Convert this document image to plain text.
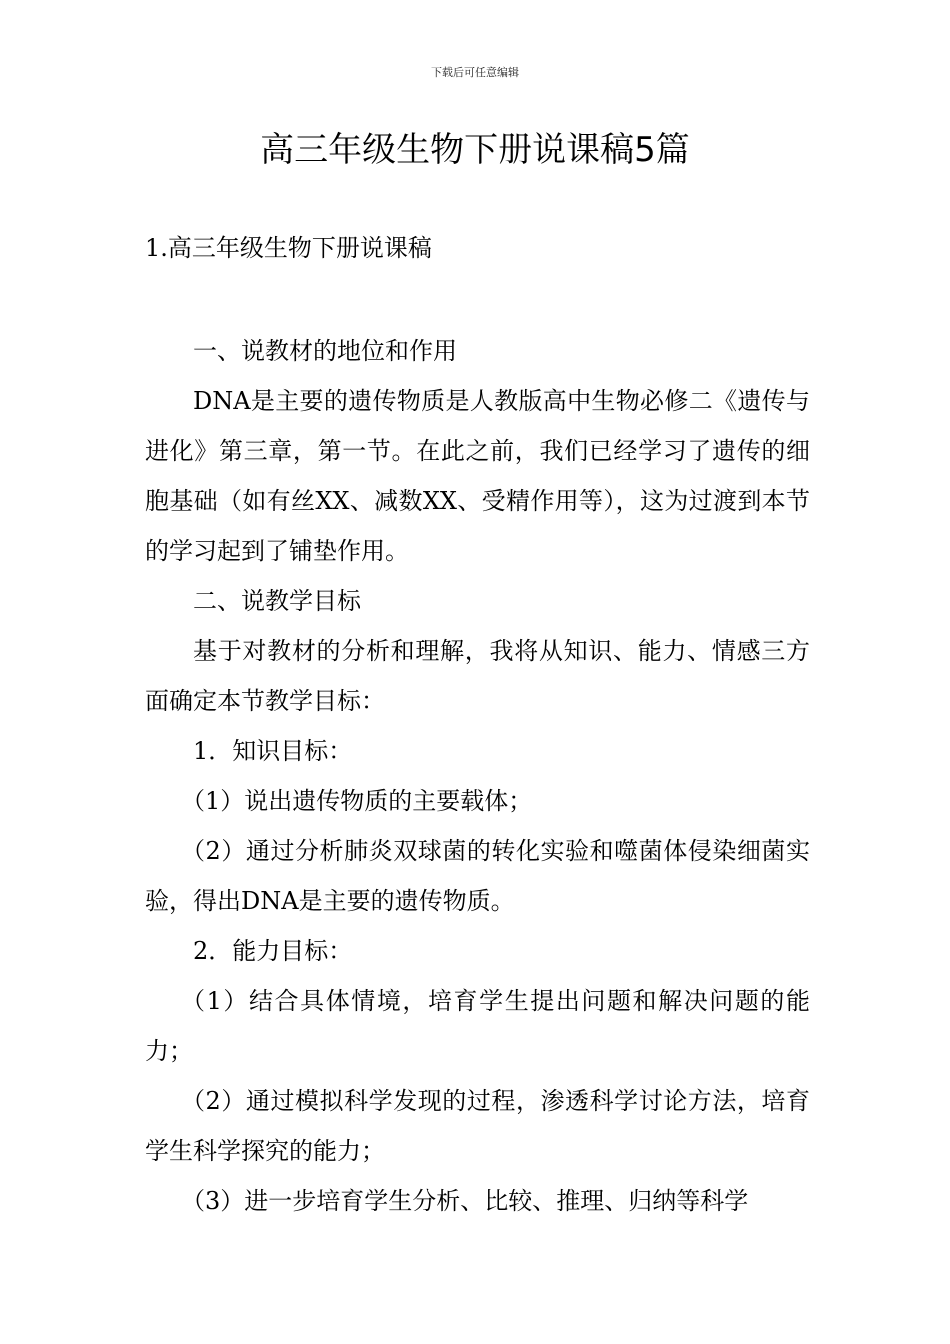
下载后可任意编辑
高三年级生物下册说课稿5篇
1.高三年级生物下册说课稿

一、说教材的地位和作用

DNA是主要的遗传物质是人教版高中生物必修二《遗传与进化》第三章，第一节。在此之前，我们已经学习了遗传的细胞基础（如有丝XX、减数XX、受精作用等），这为过渡到本节的学习起到了铺垫作用。

二、说教学目标

基于对教材的分析和理解，我将从知识、能力、情感三方面确定本节教学目标：

1．知识目标：

（1）说出遗传物质的主要载体；

（2）通过分析肺炎双球菌的转化实验和噬菌体侵染细菌实验，得出DNA是主要的遗传物质。

2．能力目标：

（1）结合具体情境，培育学生提出问题和解决问题的能力；

（2）通过模拟科学发现的过程，渗透科学讨论方法，培育学生科学探究的能力；

（3）进一步培育学生分析、比较、推理、归纳等科学
